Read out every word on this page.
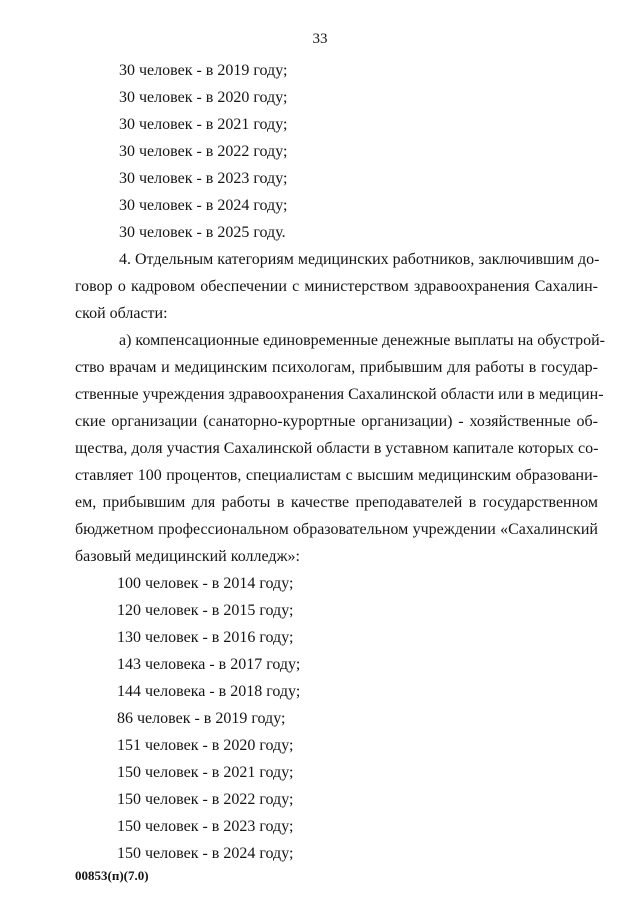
33
30 человек - в 2019 году;
30 человек - в 2020 году;
30 человек - в 2021 году;
30 человек - в 2022 году;
30 человек - в 2023 году;
30 человек - в 2024 году;
30 человек - в 2025 году.
4. Отдельным категориям медицинских работников, заключившим до-
говор о кадровом обеспечении с министерством здравоохранения Сахалин-
ской области:
а) компенсационные единовременные денежные выплаты на обустрой-
ство врачам и медицинским психологам, прибывшим для работы в государ-
ственные учреждения здравоохранения Сахалинской области или в медицин-
ские организации (санаторно-курортные организации) - хозяйственные об-
щества, доля участия Сахалинской области в уставном капитале которых со-
ставляет 100 процентов, специалистам с высшим медицинским образовани-
ем, прибывшим для работы в качестве преподавателей в государственном
бюджетном профессиональном образовательном учреждении «Сахалинский
базовый медицинский колледж»:
100 человек - в 2014 году;
120 человек - в 2015 году;
130 человек - в 2016 году;
143 человека - в 2017 году;
144 человека - в 2018 году;
86 человек - в 2019 году;
151 человек - в 2020 году;
150 человек - в 2021 году;
150 человек - в 2022 году;
150 человек - в 2023 году;
150 человек - в 2024 году;
00853(п)(7.0)
